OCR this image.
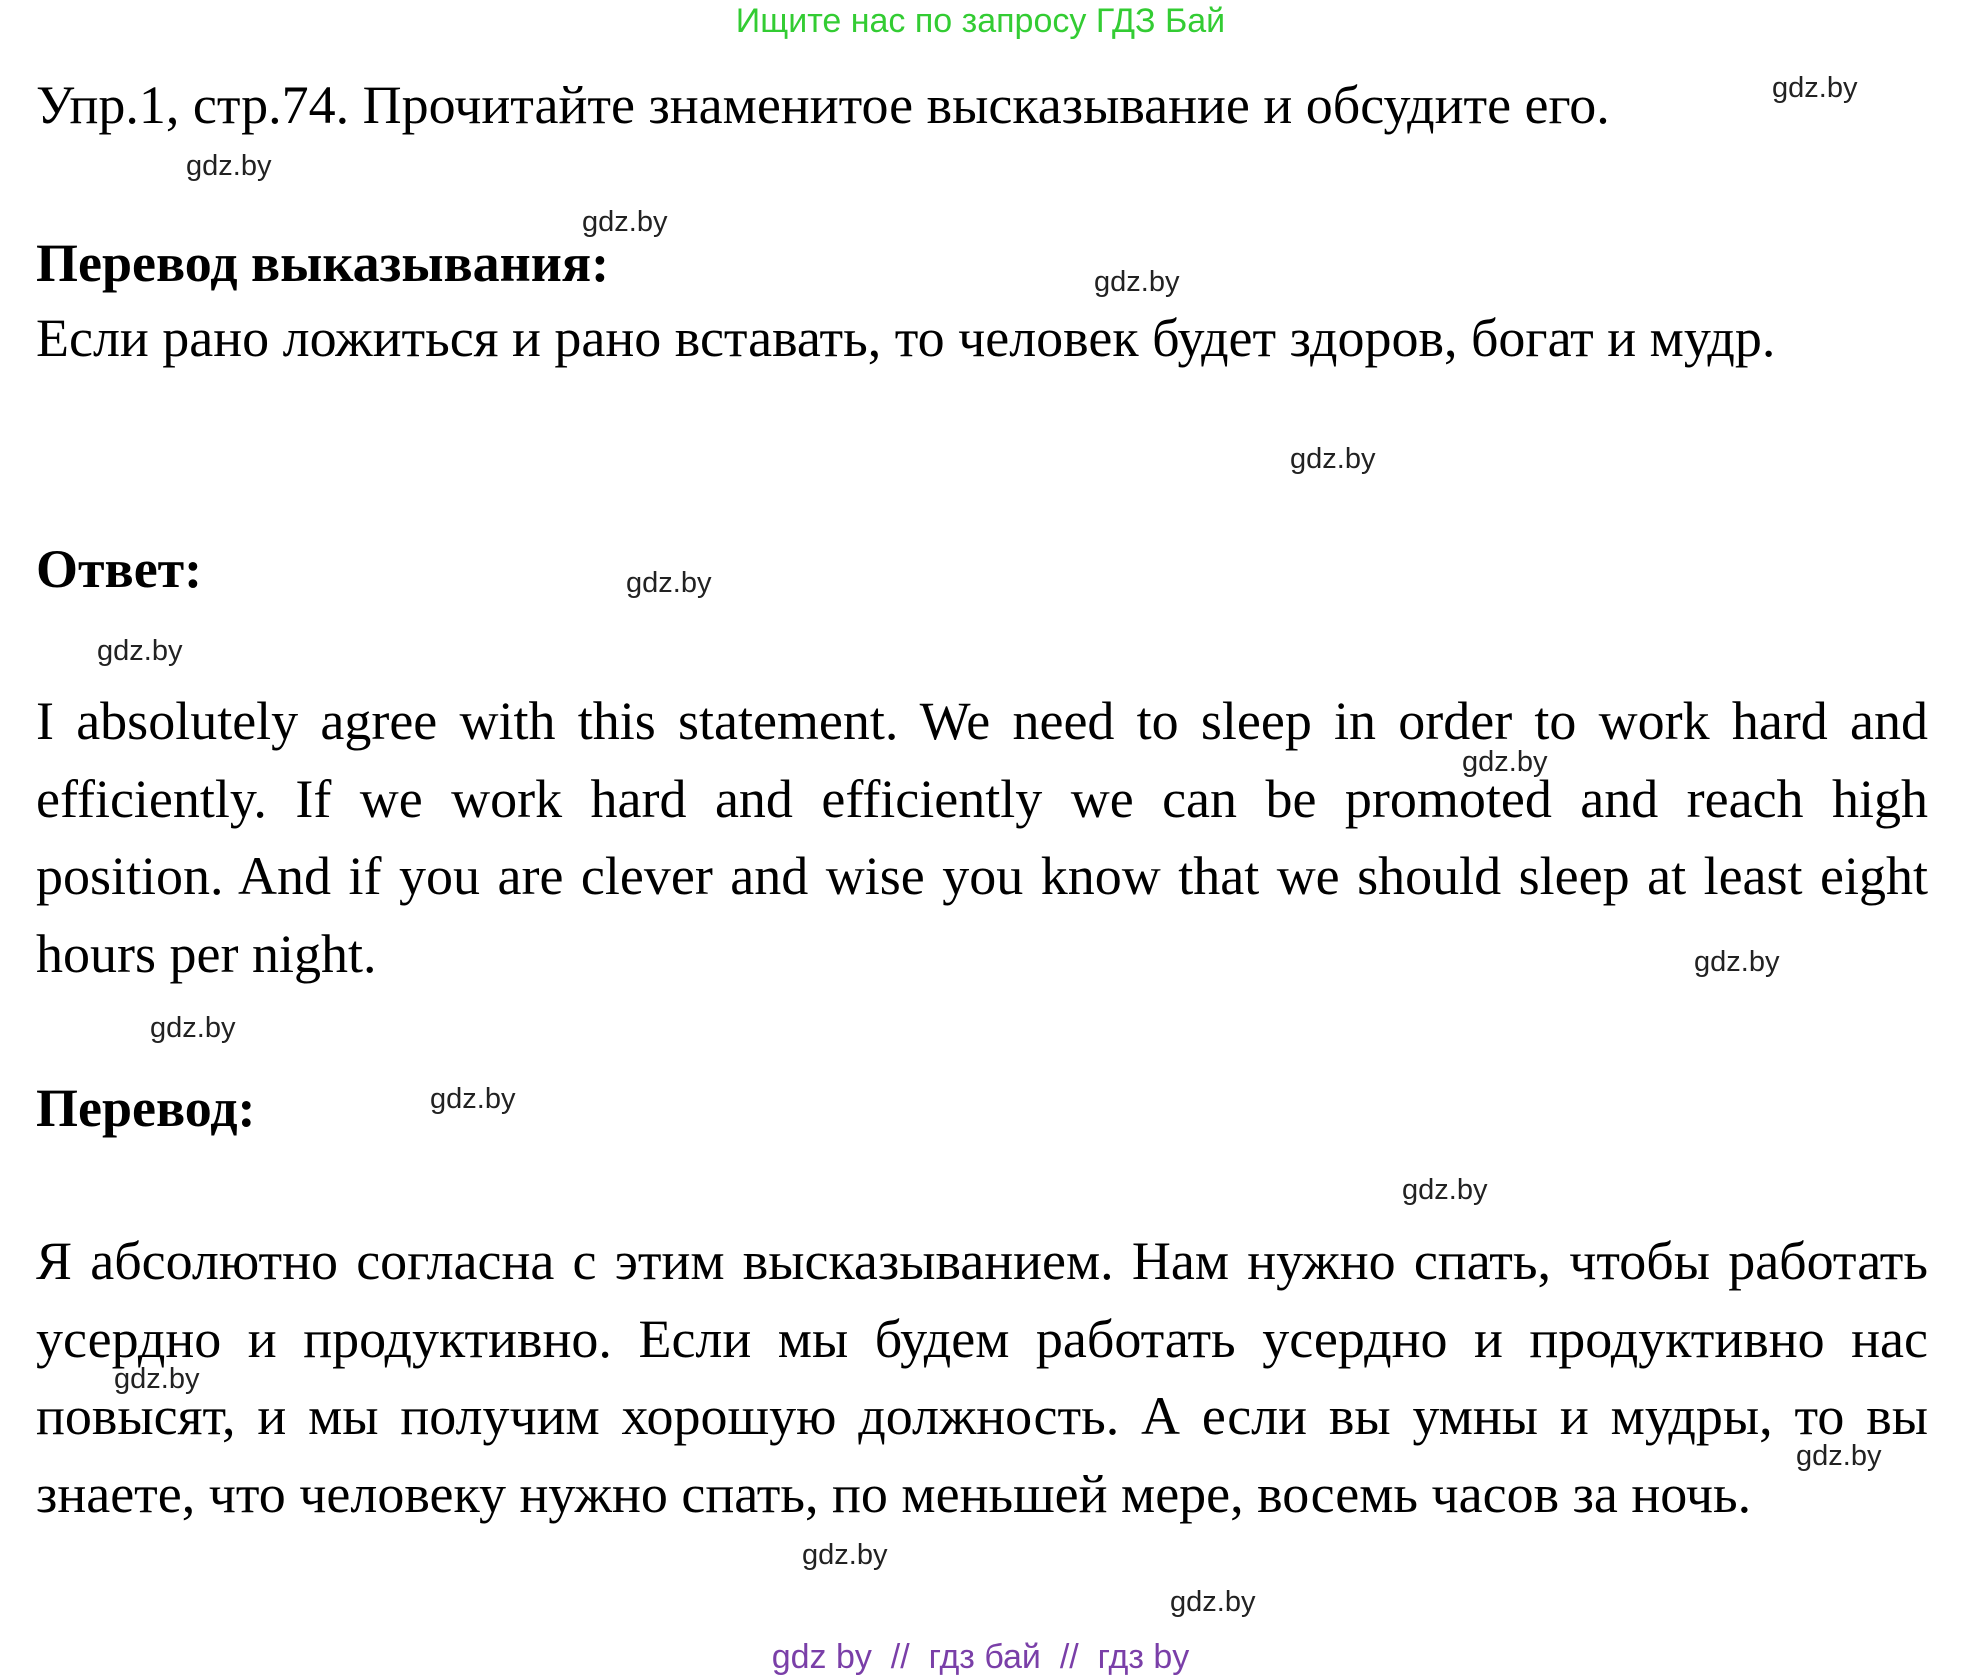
Ищите нас по запросу ГДЗ Бай
Упр.1, стр.74. Прочитайте знаменитое высказывание и обсудите его.
Перевод выказывания:
Если рано ложиться и рано вставать, то человек будет здоров, богат и мудр.
Ответ:
I absolutely agree with this statement. We need to sleep in order to work hard and efficiently. If we work hard and efficiently we can be promoted and reach high position. And if you are clever and wise you know that we should sleep at least eight hours per night.
Перевод:
Я абсолютно согласна с этим высказыванием. Нам нужно спать, чтобы работать усердно и продуктивно. Если мы будем работать усердно и продуктивно нас повысят, и мы получим хорошую должность. А если вы умны и мудры, то вы знаете, что человеку нужно спать, по меньшей мере, восемь часов за ночь.
gdz.by
gdz.by
gdz.by
gdz.by
gdz.by
gdz.by
gdz.by
gdz.by
gdz.by
gdz.by
gdz.by
gdz.by
gdz.by
gdz.by
gdz.by
gdz.by
gdz by  //  гдз бай  //  гдз by
